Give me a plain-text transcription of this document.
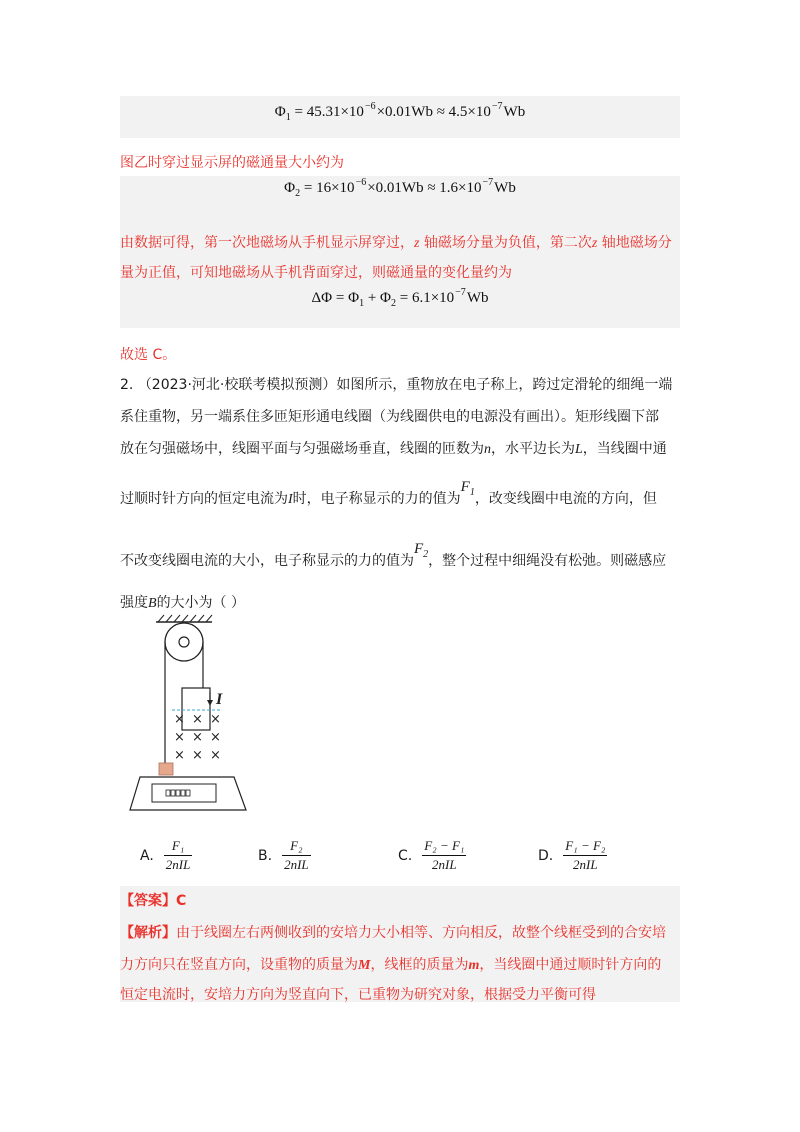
$\Phi_1 = 45.31\times 10^{-6}\times 0.01Wb \approx 4.5\times 10^{-7}Wb$
图乙时穿过显示屏的磁通量大小约为
$\Phi_2 = 16\times 10^{-6}\times 0.01Wb \approx 1.6\times 10^{-7}Wb$
由数据可得，第一次地磁场从手机显示屏穿过，z 轴磁场分量为负值，第二次z 轴地磁场分
量为正值，可知地磁场从手机背面穿过，则磁通量的变化量约为
$\Delta\Phi = \Phi_1 + \Phi_2 = 6.1\times 10^{-7}Wb$
故选 C。
2. （2023·河北·校联考模拟预测）如图所示，重物放在电子称上，跨过定滑轮的细绳一端
系住重物，另一端系住多匝矩形通电线圈（为线圈供电的电源没有画出）。矩形线圈下部
放在匀强磁场中，线圈平面与匀强磁场垂直，线圈的匝数为n，水平边长为L，当线圈中通
过顺时针方向的恒定电流为I时，电子称显示的力的值为$F_1$，改变线圈中电流的方向，但
不改变线圈电流的大小，电子称显示的力的值为$F_2$，整个过程中细绳没有松弛。则磁感应
强度B的大小为（ ）
I
× × ×
× × ×
× × ×
A. $\frac{\text{F₁}}{\text{2nIL}}$	B. $\frac{\text{F₂}}{\text{2nIL}}$	C. $\frac{\text{F₂ − F₁}}{\text{2nIL}}$	D. $\frac{\text{F₁ − F₂}}{\text{2nIL}}$
【答案】C
【解析】由于线圈左右两侧收到的安培力大小相等、方向相反，故整个线框受到的合安培
力方向只在竖直方向，设重物的质量为M，线框的质量为m，当线圈中通过顺时针方向的
恒定电流时，安培力方向为竖直向下，已重物为研究对象，根据受力平衡可得
